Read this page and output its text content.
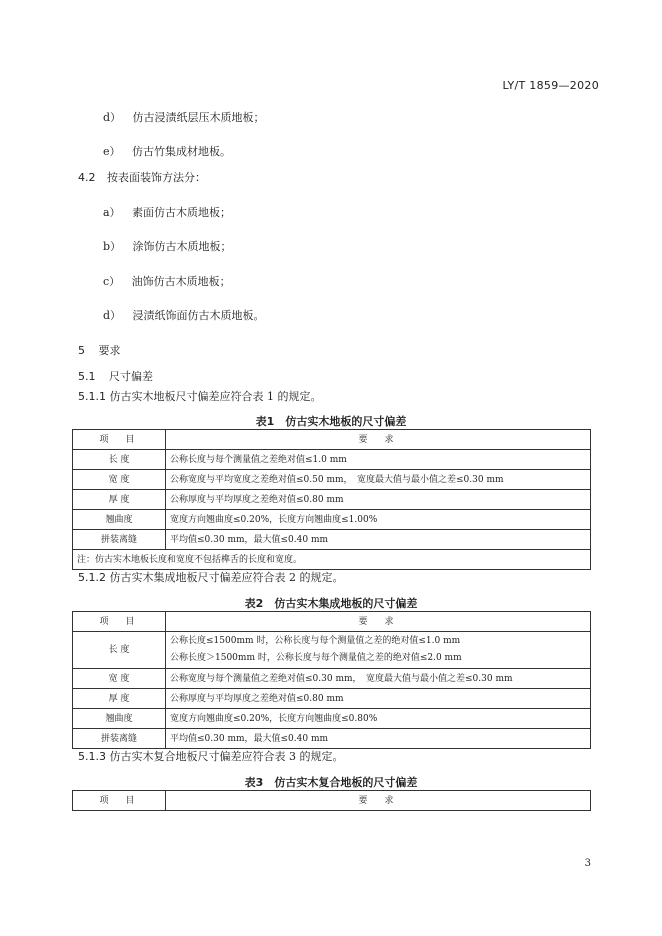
LY/T 1859—2020
d） 仿古浸渍纸层压木质地板；
e） 仿古竹集成材地板。
4.2 按表面装饰方法分：
a） 素面仿古木质地板；
b） 涂饰仿古木质地板；
c） 油饰仿古木质地板；
d） 浸渍纸饰面仿古木质地板。
5 要求
5.1 尺寸偏差
5.1.1 仿古实木地板尺寸偏差应符合表 1 的规定。
表1　仿古实木地板的尺寸偏差
项　目	要　求
长 度	公称长度与每个测量值之差绝对值≤1.0 mm
宽 度	公称宽度与平均宽度之差绝对值≤0.50 mm，　宽度最大值与最小值之差≤0.30 mm
厚 度	公称厚度与平均厚度之差绝对值≤0.80 mm
翘曲度	宽度方向翘曲度≤0.20%，长度方向翘曲度≤1.00%
拼装离缝	平均值≤0.30 mm，最大值≤0.40 mm
注：仿古实木地板长度和宽度不包括榫舌的长度和宽度。	
5.1.2 仿古实木集成地板尺寸偏差应符合表 2 的规定。
表2　仿古实木集成地板的尺寸偏差
项　目	要　求
长 度	公称长度≤1500mm 时，公称长度与每个测量值之差的绝对值≤1.0 mm
公称长度＞1500mm 时，公称长度与每个测量值之差的绝对值≤2.0 mm

宽 度	公称宽度与每个测量值之差绝对值≤0.30 mm，　宽度最大值与最小值之差≤0.30 mm
厚 度	公称厚度与平均厚度之差绝对值≤0.80 mm
翘曲度	宽度方向翘曲度≤0.20%，长度方向翘曲度≤0.80%
拼装离缝	平均值≤0.30 mm，最大值≤0.40 mm
5.1.3 仿古实木复合地板尺寸偏差应符合表 3 的规定。
表3　仿古实木复合地板的尺寸偏差
项　目	要　求
3
